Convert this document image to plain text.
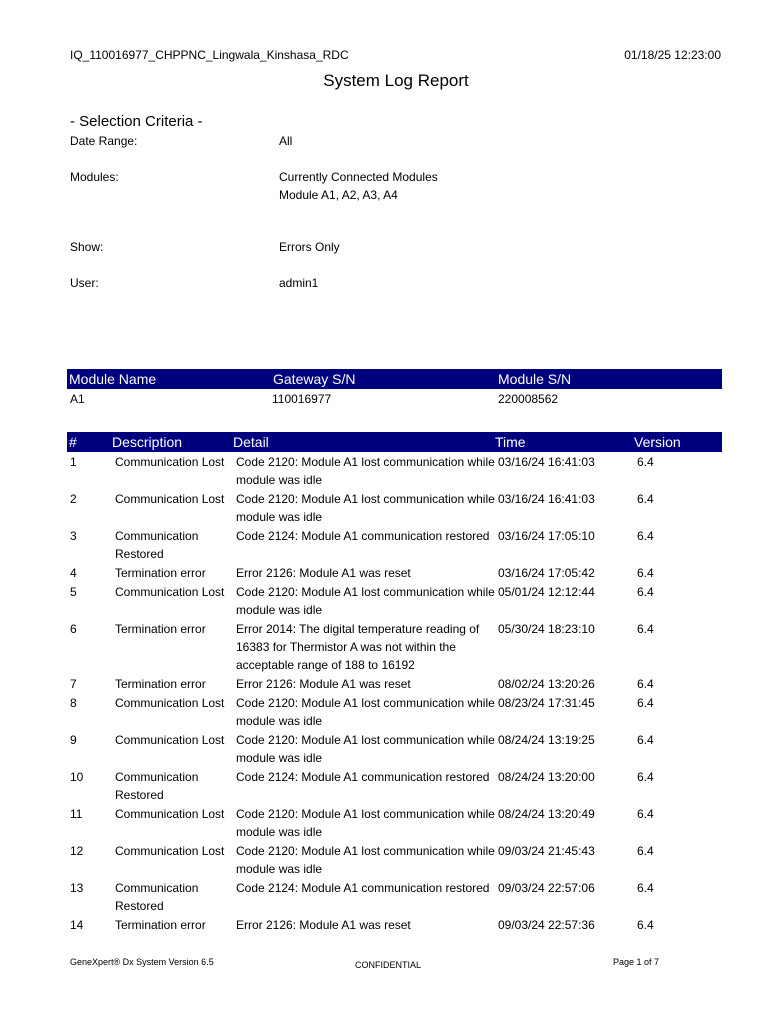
IQ_110016977_CHPPNC_Lingwala_Kinshasa_RDC	01/18/25 12:23:00
System Log Report
- Selection Criteria -
Date Range:	All
Modules:	Currently Connected Modules
Module A1, A2, A3, A4
Show:	Errors Only
User:	admin1
Module Name	Gateway S/N	Module S/N
A1	110016977	220008562
#	Description	Detail	Time	Version
1	Communication Lost	Code 2120: Module A1 lost communication while module was idle	03/16/24 16:41:03	6.4
2	Communication Lost	Code 2120: Module A1 lost communication while module was idle	03/16/24 16:41:03	6.4
3	Communication Restored	Code 2124: Module A1 communication restored	03/16/24 17:05:10	6.4
4	Termination error	Error 2126: Module A1 was reset	03/16/24 17:05:42	6.4
5	Communication Lost	Code 2120: Module A1 lost communication while module was idle	05/01/24 12:12:44	6.4
6	Termination error	Error 2014: The digital temperature reading of 16383 for Thermistor A was not within the acceptable range of 188 to 16192	05/30/24 18:23:10	6.4
7	Termination error	Error 2126: Module A1 was reset	08/02/24 13:20:26	6.4
8	Communication Lost	Code 2120: Module A1 lost communication while module was idle	08/23/24 17:31:45	6.4
9	Communication Lost	Code 2120: Module A1 lost communication while module was idle	08/24/24 13:19:25	6.4
10	Communication Restored	Code 2124: Module A1 communication restored	08/24/24 13:20:00	6.4
11	Communication Lost	Code 2120: Module A1 lost communication while module was idle	08/24/24 13:20:49	6.4
12	Communication Lost	Code 2120: Module A1 lost communication while module was idle	09/03/24 21:45:43	6.4
13	Communication Restored	Code 2124: Module A1 communication restored	09/03/24 22:57:06	6.4
14	Termination error	Error 2126: Module A1 was reset	09/03/24 22:57:36	6.4
GeneXpert® Dx System Version 6.5	CONFIDENTIAL	Page 1 of 7
